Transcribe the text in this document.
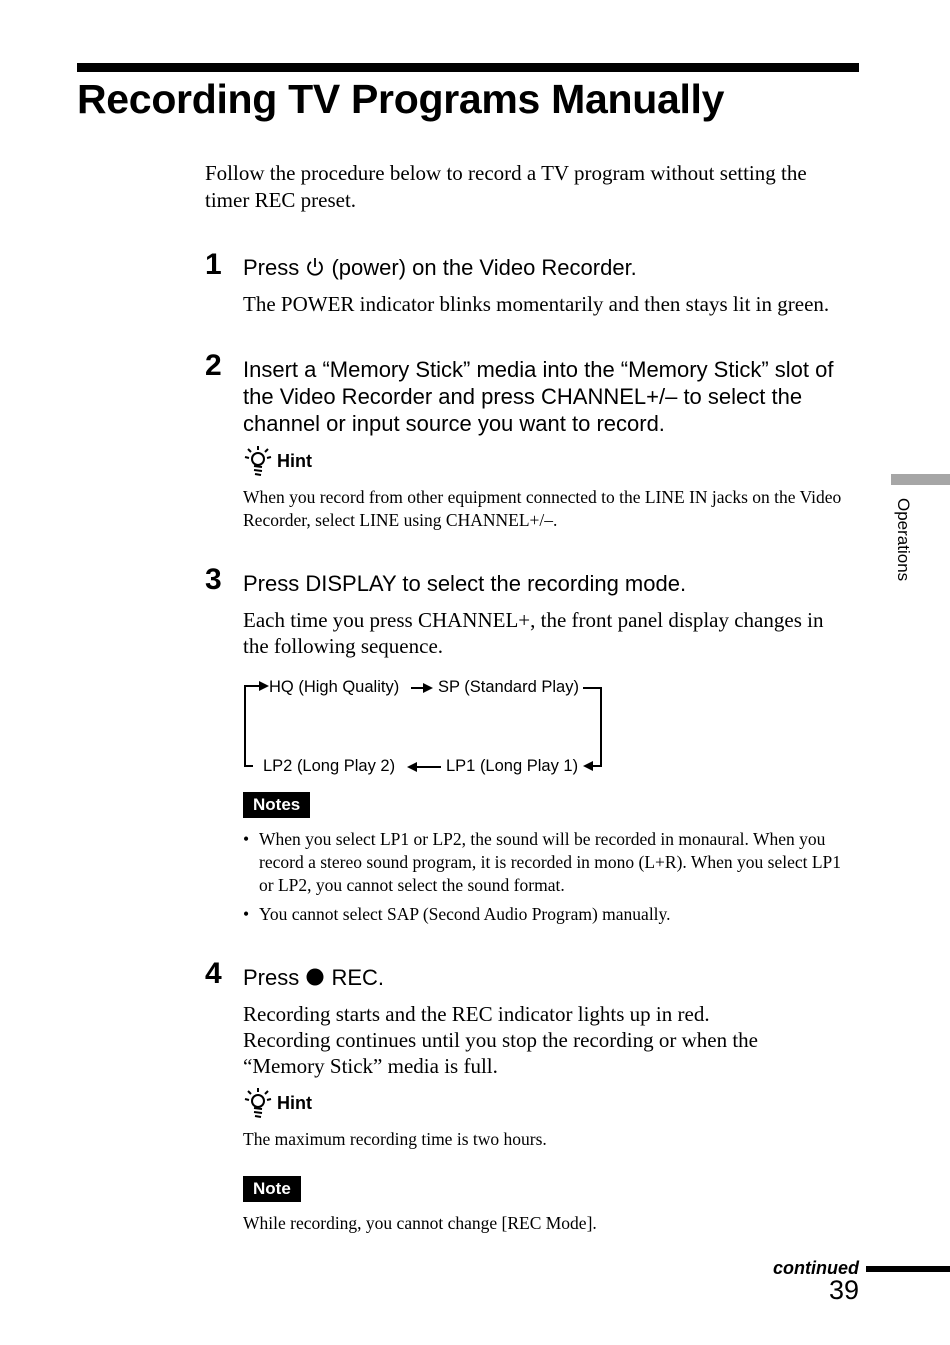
Recording TV Programs Manually
Follow the procedure below to record a TV program without setting the timer REC preset.
1 Press  (power) on the Video Recorder.
The POWER indicator blinks momentarily and then stays lit in green.
2 Insert a “Memory Stick” media into the “Memory Stick” slot of the Video Recorder and press CHANNEL+/– to select the channel or input source you want to record.
Hint
When you record from other equipment connected to the LINE IN jacks on the Video Recorder, select LINE using CHANNEL+/–.
3 Press DISPLAY to select the recording mode.
Each time you press CHANNEL+, the front panel display changes in the following sequence.
HQ (High Quality) SP (Standard Play)
LP1 (Long Play 1)
LP2 (Long Play 2)
Notes
• When you select LP1 or LP2, the sound will be recorded in monaural. When you record a stereo sound program, it is recorded in mono (L+R). When you select LP1 or LP2, you cannot select the sound format.
• You cannot select SAP (Second Audio Program) manually.
4 Press  REC.
Recording starts and the REC indicator lights up in red.
Recording continues until you stop the recording or when the “Memory Stick” media is full.
Hint
The maximum recording time is two hours.
Note
While recording, you cannot change [REC Mode].
Operations
continued
39
